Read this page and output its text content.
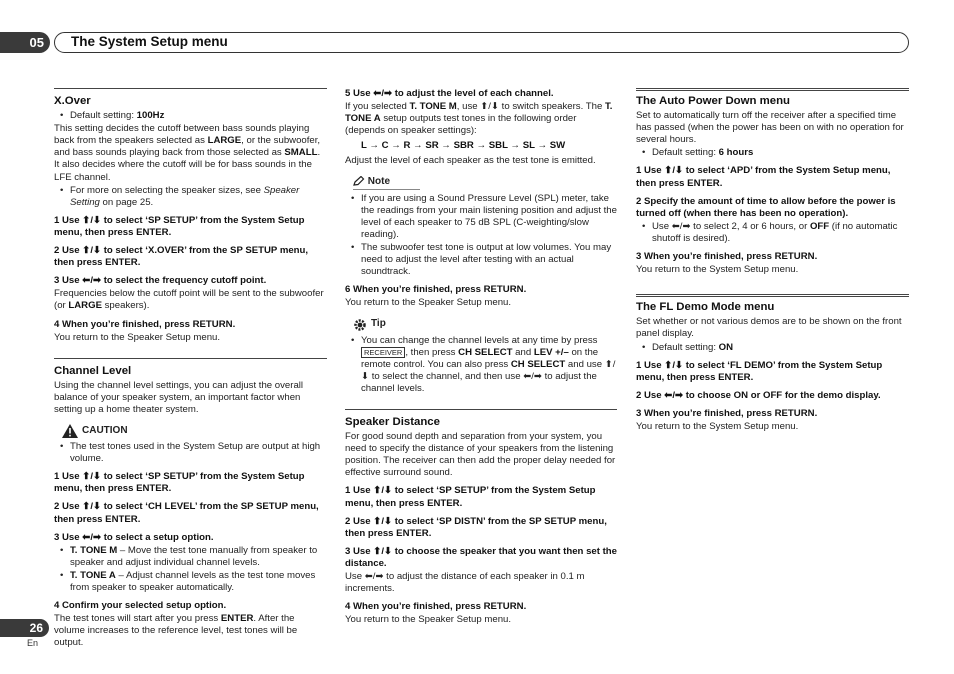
05	The System Setup menu
X.Over
• Default setting: 100Hz

This setting decides the cutoff between bass sounds playing back from the speakers selected as LARGE, or the subwoofer, and bass sounds playing back from those selected as SMALL. It also decides where the cutoff will be for bass sounds in the LFE channel.

• For more on selecting the speaker sizes, see Speaker Setting on page 25.

1 Use ⬆/⬇ to select ‘SP SETUP’ from the System Setup menu, then press ENTER.

2 Use ⬆/⬇ to select ‘X.OVER’ from the SP SETUP menu, then press ENTER.

3 Use ⬅/➡ to select the frequency cutoff point.

Frequencies below the cutoff point will be sent to the subwoofer (or LARGE speakers).

4 When you’re finished, press RETURN.

You return to the Speaker Setup menu.

Channel Level

Using the channel level settings, you can adjust the overall balance of your speaker system, an important factor when setting up a home theater system.

CAUTION
• The test tones used in the System Setup are output at high volume.

1 Use ⬆/⬇ to select ‘SP SETUP’ from the System Setup menu, then press ENTER.

2 Use ⬆/⬇ to select ‘CH LEVEL’ from the SP SETUP menu, then press ENTER.

3 Use ⬅/➡ to select a setup option.

• T. TONE M – Move the test tone manually from speaker to speaker and adjust individual channel levels.
• T. TONE A – Adjust channel levels as the test tone moves from speaker to speaker automatically.

4 Confirm your selected setup option.

The test tones will start after you press ENTER. After the volume increases to the reference level, test tones will be output.

5 Use ⬅/➡ to adjust the level of each channel.

If you selected T. TONE M, use ⬆/⬇ to switch speakers. The T. TONE A setup outputs test tones in the following order (depends on speaker settings):

L → C → R → SR → SBR → SBL → SL → SW

Adjust the level of each speaker as the test tone is emitted.

Note
• If you are using a Sound Pressure Level (SPL) meter, take the readings from your main listening position and adjust the level of each speaker to 75 dB SPL (C-weighting/slow reading).
• The subwoofer test tone is output at low volumes. You may need to adjust the level after testing with an actual soundtrack.

6 When you’re finished, press RETURN.

You return to the Speaker Setup menu.

Tip
• You can change the channel levels at any time by press RECEIVER , then press CH SELECT and LEV +/– on the remote control. You can also press CH SELECT and use ⬆/⬇ to select the channel, and then use ⬅/➡ to adjust the channel levels.
Speaker Distance

For good sound depth and separation from your system, you need to specify the distance of your speakers from the listening position. The receiver can then add the proper delay needed for effective surround sound.

1 Use ⬆/⬇ to select ‘SP SETUP’ from the System Setup menu, then press ENTER.

2 Use ⬆/⬇ to select ‘SP DISTN’ from the SP SETUP menu, then press ENTER.

3 Use ⬆/⬇ to choose the speaker that you want then set the distance.

Use ⬅/➡ to adjust the distance of each speaker in 0.1 m increments.

4 When you’re finished, press RETURN.

You return to the Speaker Setup menu.

The Auto Power Down menu

Set to automatically turn off the receiver after a specified time has passed (when the power has been on with no operation for several hours.

• Default setting: 6 hours

1 Use ⬆/⬇ to select ‘APD’ from the System Setup menu, then press ENTER.

2 Specify the amount of time to allow before the power is turned off (when there has been no operation).

• Use ⬅/➡ to select 2, 4 or 6 hours, or OFF (if no automatic shutoff is desired).

3 When you’re finished, press RETURN.

You return to the System Setup menu.

The FL Demo Mode menu

Set whether or not various demos are to be shown on the front panel display.

• Default setting: ON

1 Use ⬆/⬇ to select ‘FL DEMO’ from the System Setup menu, then press ENTER.

2 Use ⬅/➡ to choose ON or OFF for the demo display.

3 When you’re finished, press RETURN.

You return to the System Setup menu.

26
En
